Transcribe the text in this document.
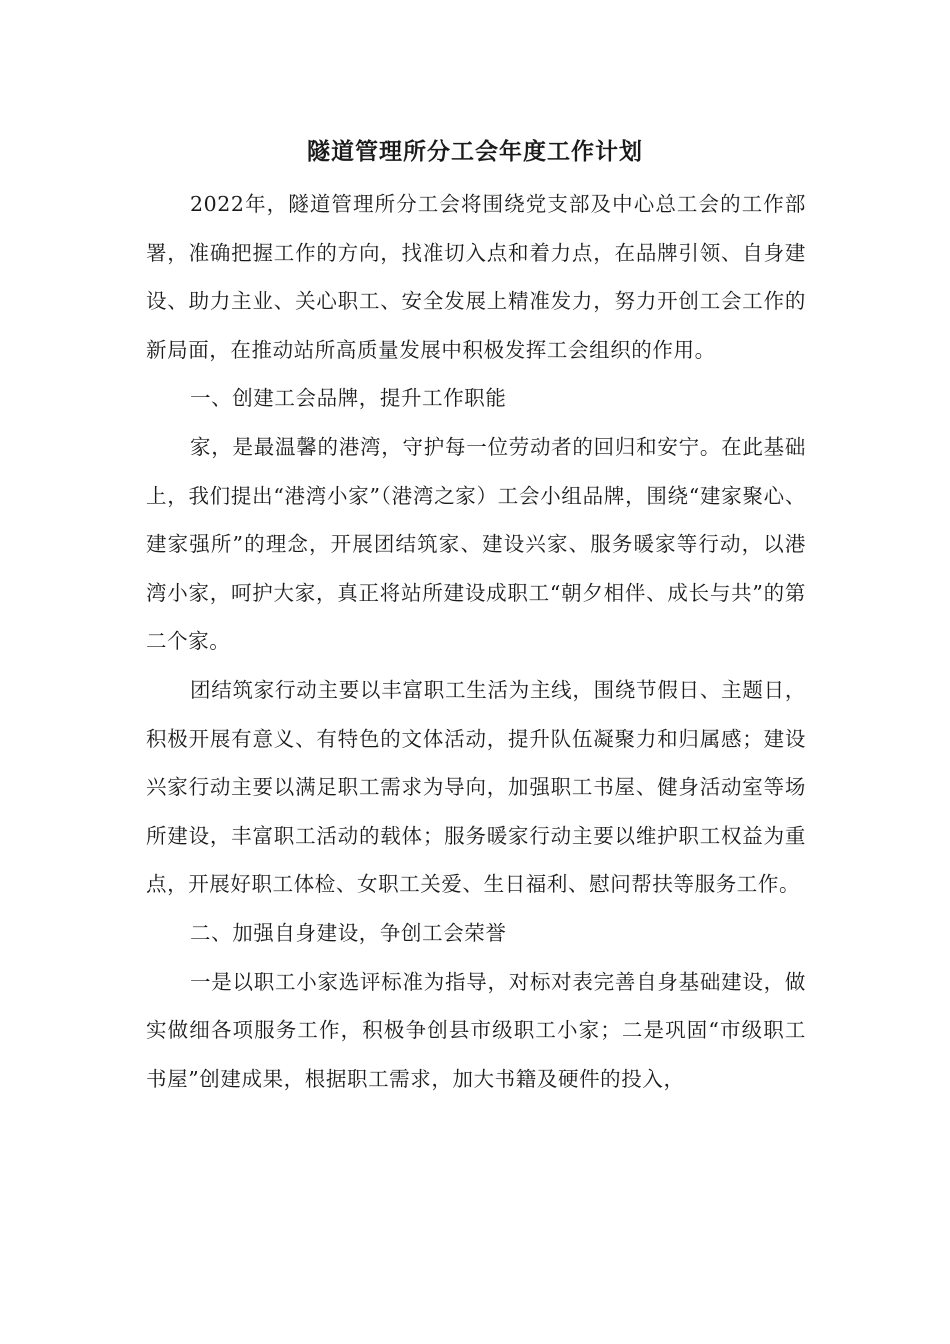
隧道管理所分工会年度工作计划

2022年，隧道管理所分工会将围绕党支部及中心总工会的工作部署，准确把握工作的方向，找准切入点和着力点，在品牌引领、自身建设、助力主业、关心职工、安全发展上精准发力，努力开创工会工作的新局面，在推动站所高质量发展中积极发挥工会组织的作用。

一、创建工会品牌，提升工作职能

家，是最温馨的港湾，守护每一位劳动者的回归和安宁。在此基础上，我们提出“港湾小家”（港湾之家）工会小组品牌，围绕“建家聚心、建家强所”的理念，开展团结筑家、建设兴家、服务暖家等行动，以港湾小家，呵护大家，真正将站所建设成职工“朝夕相伴、成长与共”的第二个家。

团结筑家行动主要以丰富职工生活为主线，围绕节假日、主题日，积极开展有意义、有特色的文体活动，提升队伍凝聚力和归属感；建设兴家行动主要以满足职工需求为导向，加强职工书屋、健身活动室等场所建设，丰富职工活动的载体；服务暖家行动主要以维护职工权益为重点，开展好职工体检、女职工关爱、生日福利、慰问帮扶等服务工作。

二、加强自身建设，争创工会荣誉

一是以职工小家选评标准为指导，对标对表完善自身基础建设，做实做细各项服务工作，积极争创县市级职工小家；二是巩固“市级职工书屋”创建成果，根据职工需求，加大书籍及硬件的投入，
